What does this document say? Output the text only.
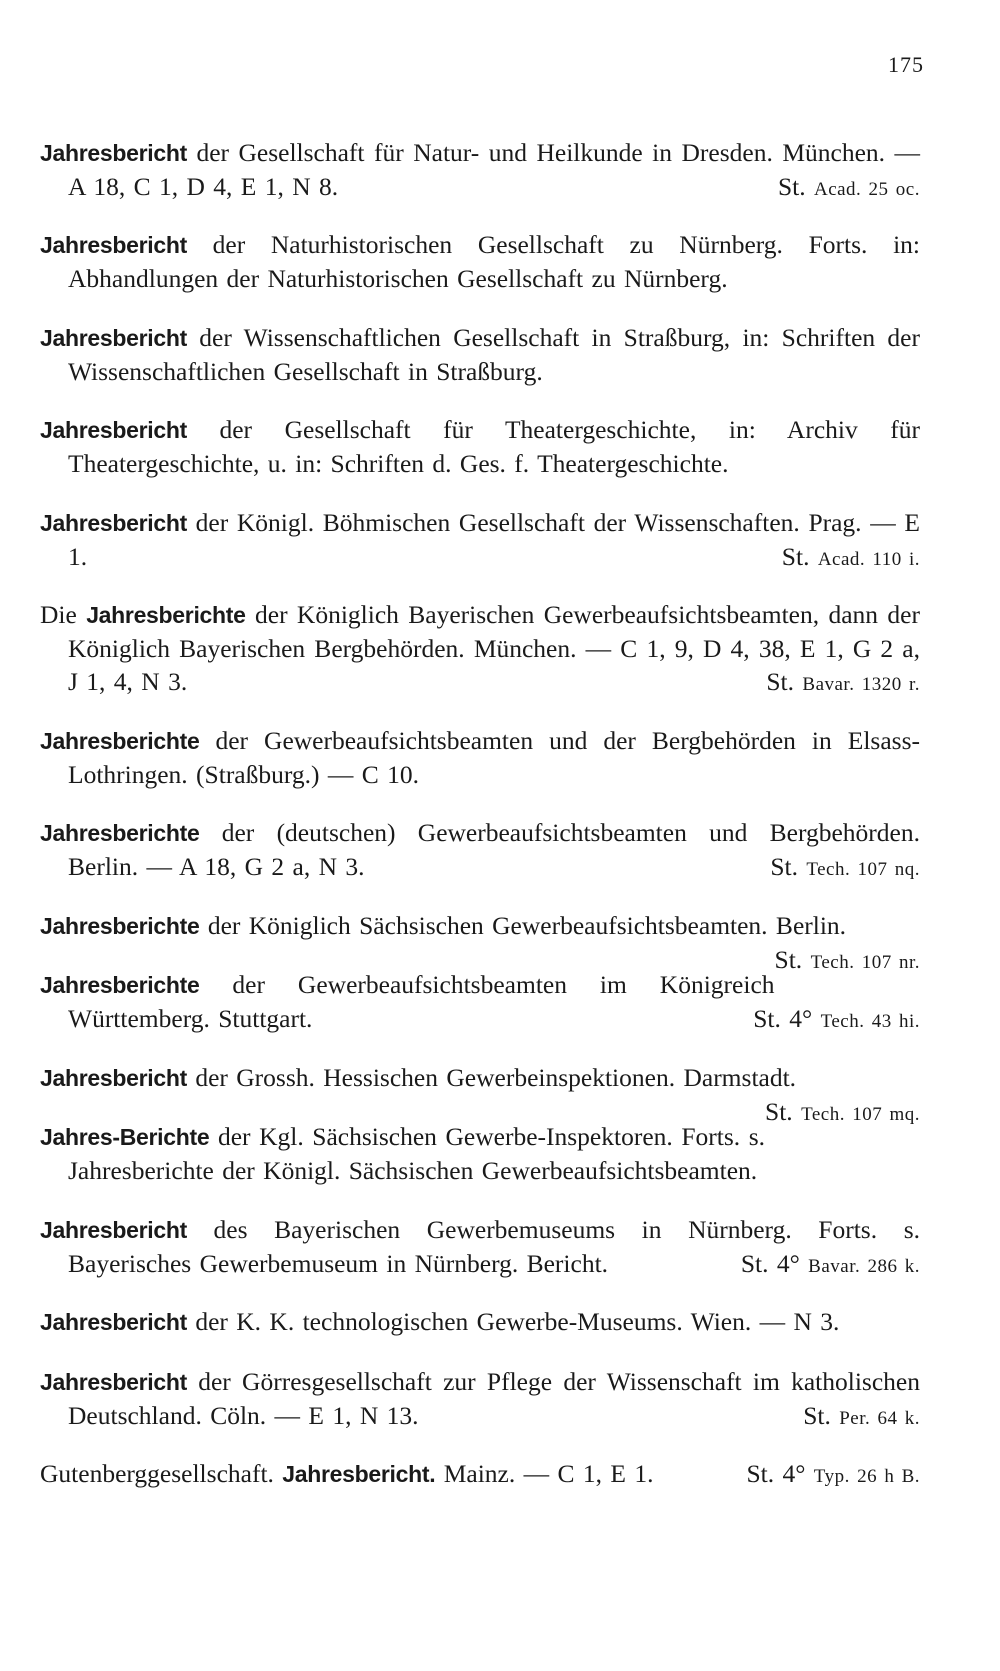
175

Jahresbericht der Gesellschaft für Natur- und Heilkunde in Dresden. München. — A 18, C 1, D 4, E 1, N 8.	St. Acad. 25 oc.

Jahresbericht der Naturhistorischen Gesellschaft zu Nürnberg. Forts. in: Abhandlungen der Naturhistorischen Gesellschaft zu Nürnberg.

Jahresbericht der Wissenschaftlichen Gesellschaft in Straßburg, in: Schriften der Wissenschaftlichen Gesellschaft in Straßburg.

Jahresbericht der Gesellschaft für Theatergeschichte, in: Archiv für Theatergeschichte, u. in: Schriften d. Ges. f. Theatergeschichte.

Jahresbericht der Königl. Böhmischen Gesellschaft der Wissenschaften. Prag. — E 1.	St. Acad. 110 i.

Die Jahresberichte der Königlich Bayerischen Gewerbeaufsichtsbeamten, dann der Königlich Bayerischen Bergbehörden. München. — C 1, 9, D 4, 38, E 1, G 2 a, J 1, 4, N 3.	St. Bavar. 1320 r.

Jahresberichte der Gewerbeaufsichtsbeamten und der Bergbehörden in Elsass-Lothringen. (Straßburg.) — C 10.

Jahresberichte der (deutschen) Gewerbeaufsichtsbeamten und Bergbehörden. Berlin. — A 18, G 2 a, N 3.	St. Tech. 107 nq.

Jahresberichte der Königlich Sächsischen Gewerbeaufsichtsbeamten. Berlin.
St. Tech. 107 nr.

Jahresberichte der Gewerbeaufsichtsbeamten im Königreich Württemberg. Stuttgart.	St. 4° Tech. 43 hi.

Jahresbericht der Grossh. Hessischen Gewerbeinspektionen. Darmstadt.
St. Tech. 107 mq.

Jahres-Berichte der Kgl. Sächsischen Gewerbe-Inspektoren. Forts. s. Jahresberichte der Königl. Sächsischen Gewerbeaufsichtsbeamten.

Jahresbericht des Bayerischen Gewerbemuseums in Nürnberg. Forts. s. Bayerisches Gewerbemuseum in Nürnberg. Bericht.	St. 4° Bavar. 286 k.

Jahresbericht der K. K. technologischen Gewerbe-Museums. Wien. — N 3.

Jahresbericht der Görresgesellschaft zur Pflege der Wissenschaft im katholischen Deutschland. Cöln. — E 1, N 13.	St. Per. 64 k.

Gutenberggesellschaft. Jahresbericht. Mainz. — C 1, E 1.	St. 4° Typ. 26 h B.
